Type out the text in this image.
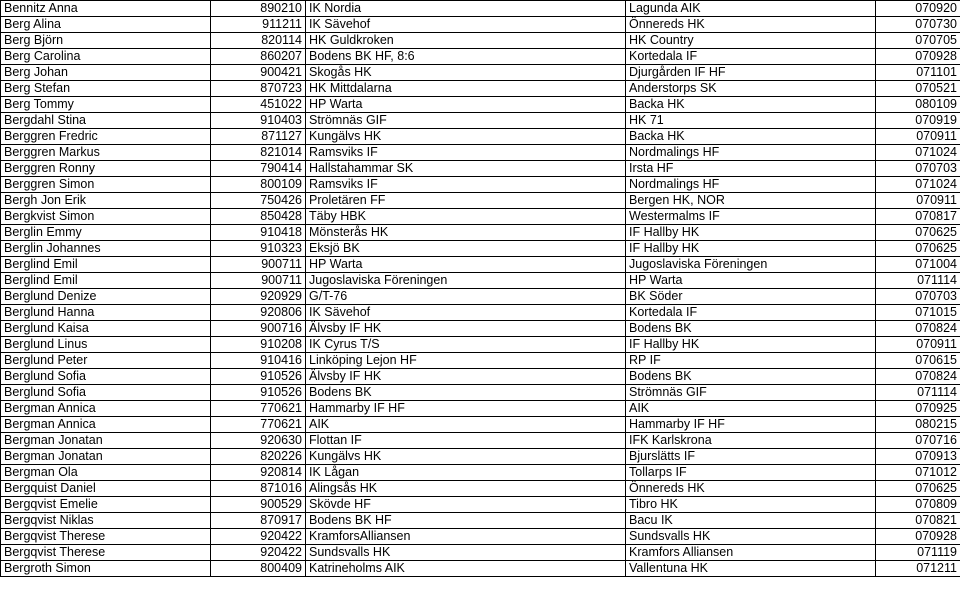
Bennitz Anna	890210	IK Nordia	Lagunda AIK	070920
Berg Alina	911211	IK Sävehof	Önnereds HK	070730
Berg Björn	820114	HK Guldkroken	HK Country	070705
Berg Carolina	860207	Bodens BK HF, 8:6	Kortedala IF	070928
Berg Johan	900421	Skogås HK	Djurgården IF HF	071101
Berg Stefan	870723	HK Mittdalarna	Anderstorps SK	070521
Berg Tommy	451022	HP Warta	Backa HK	080109
Bergdahl Stina	910403	Strömnäs GIF	HK 71	070919
Berggren Fredric	871127	Kungälvs HK	Backa HK	070911
Berggren Markus	821014	Ramsviks IF	Nordmalings HF	071024
Berggren Ronny	790414	Hallstahammar SK	Irsta HF	070703
Berggren Simon	800109	Ramsviks IF	Nordmalings HF	071024
Bergh Jon Erik	750426	Proletären FF	Bergen HK, NOR	070911
Bergkvist Simon	850428	Täby HBK	Westermalms IF	070817
Berglin Emmy	910418	Mönsterås HK	IF Hallby HK	070625
Berglin Johannes	910323	Eksjö BK	IF Hallby HK	070625
Berglind Emil	900711	HP Warta	Jugoslaviska Föreningen	071004
Berglind Emil	900711	Jugoslaviska Föreningen	HP Warta	071114
Berglund Denize	920929	G/T-76	BK Söder	070703
Berglund Hanna	920806	IK Sävehof	Kortedala IF	071015
Berglund Kaisa	900716	Älvsby IF HK	Bodens BK	070824
Berglund Linus	910208	IK Cyrus T/S	IF Hallby HK	070911
Berglund Peter	910416	Linköping Lejon HF	RP IF	070615
Berglund Sofia	910526	Älvsby IF HK	Bodens BK	070824
Berglund Sofia	910526	Bodens BK	Strömnäs GIF	071114
Bergman Annica	770621	Hammarby IF HF	AIK	070925
Bergman Annica	770621	AIK	Hammarby IF HF	080215
Bergman Jonatan	920630	Flottan IF	IFK Karlskrona	070716
Bergman Jonatan	820226	Kungälvs HK	Bjurslätts IF	070913
Bergman Ola	920814	IK Lågan	Tollarps IF	071012
Bergquist Daniel	871016	Alingsås HK	Önnereds HK	070625
Bergqvist Emelie	900529	Skövde HF	Tibro HK	070809
Bergqvist Niklas	870917	Bodens BK HF	Bacu IK	070821
Bergqvist Therese	920422	KramforsAlliansen	Sundsvalls HK	070928
Bergqvist Therese	920422	Sundsvalls HK	Kramfors Alliansen	071119
Bergroth Simon	800409	Katrineholms AIK	Vallentuna HK	071211
